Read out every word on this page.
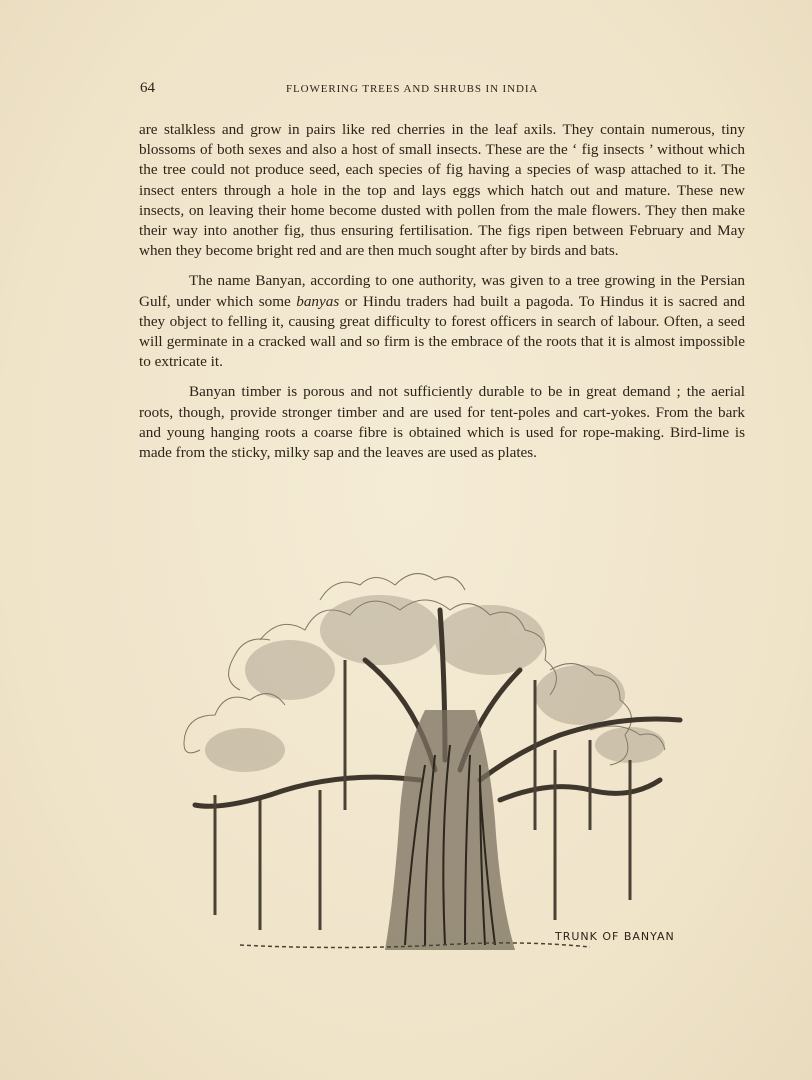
64	FLOWERING TREES AND SHRUBS IN INDIA

are stalkless and grow in pairs like red cherries in the leaf axils. They contain numerous, tiny blossoms of both sexes and also a host of small insects. These are the ‘ fig insects ’ without which the tree could not produce seed, each species of fig having a species of wasp attached to it. The insect enters through a hole in the top and lays eggs which hatch out and mature. These new insects, on leaving their home become dusted with pollen from the male flowers. They then make their way into another fig, thus ensuring fertilisation. The figs ripen between February and May when they become bright red and are then much sought after by birds and bats.

The name Banyan, according to one authority, was given to a tree growing in the Persian Gulf, under which some banyas or Hindu traders had built a pagoda. To Hindus it is sacred and they object to felling it, causing great difficulty to forest officers in search of labour. Often, a seed will germinate in a cracked wall and so firm is the embrace of the roots that it is almost impossible to extricate it.

Banyan timber is porous and not sufficiently durable to be in great demand ; the aerial roots, though, provide stronger timber and are used for tent-poles and cart-yokes. From the bark and young hanging roots a coarse fibre is obtained which is used for rope-making. Bird-lime is made from the sticky, milky sap and the leaves are used as plates.

TRUNK OF BANYAN
